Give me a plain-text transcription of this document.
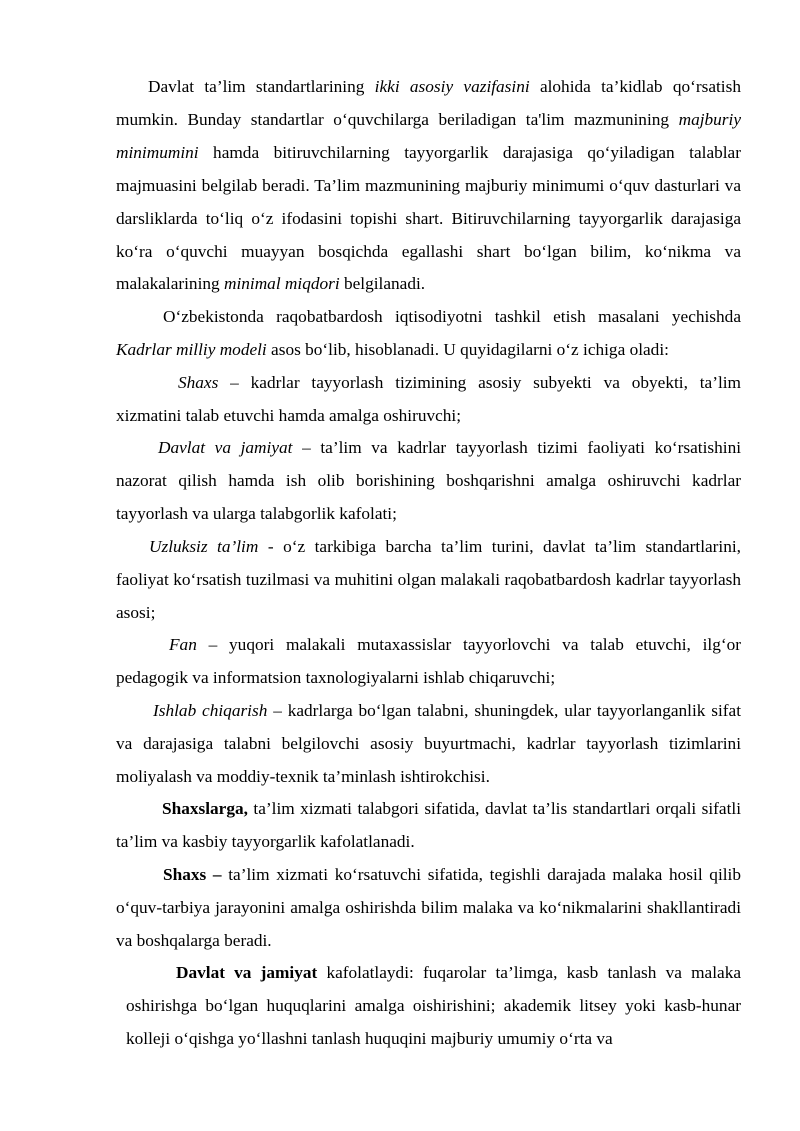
Davlat ta’lim standartlarining ikki asosiy vazifasini alohida ta’kidlab qo‘rsatish mumkin. Bunday standartlar o‘quvchilarga beriladigan ta'lim mazmunining majburiy minimumini hamda bitiruvchilarning tayyorgarlik darajasiga qo‘yiladigan talablar majmuasini belgilab beradi. Ta’lim mazmunining majburiy minimumi o‘quv dasturlari va darsliklarda to‘liq o‘z ifodasini topishi shart. Bitiruvchilarning tayyorgarlik darajasiga ko‘ra o‘quvchi muayyan bosqichda egallashi shart bo‘lgan bilim, ko‘nikma va malakalarining minimal miqdori belgilanadi.

O‘zbekistonda raqobatbardosh iqtisodiyotni tashkil etish masalani yechishda Kadrlar milliy modeli asos bo‘lib, hisoblanadi. U quyidagilarni o‘z ichiga oladi:

Shaxs – kadrlar tayyorlash tizimining asosiy subyekti va obyekti, ta’lim xizmatini talab etuvchi hamda amalga oshiruvchi;

Davlat va jamiyat – ta’lim va kadrlar tayyorlash tizimi faoliyati ko‘rsatishini nazorat qilish hamda ish olib borishining boshqarishni amalga oshiruvchi kadrlar tayyorlash va ularga talabgorlik kafolati;

Uzluksiz ta’lim - o‘z tarkibiga barcha ta’lim turini, davlat ta’lim standartlarini, faoliyat ko‘rsatish tuzilmasi va muhitini olgan malakali raqobatbardosh kadrlar tayyorlash asosi;

Fan – yuqori malakali mutaxassislar tayyorlovchi va talab etuvchi, ilg‘or pedagogik va informatsion taxnologiyalarni ishlab chiqaruvchi;

Ishlab chiqarish – kadrlarga bo‘lgan talabni, shuningdek, ular tayyorlanganlik sifat va darajasiga talabni belgilovchi asosiy buyurtmachi, kadrlar tayyorlash tizimlarini moliyalash va moddiy-texnik ta’minlash ishtirokchisi.

Shaxslarga, ta’lim xizmati talabgori sifatida, davlat ta’lis standartlari orqali sifatli ta’lim va kasbiy tayyorgarlik kafolatlanadi.

Shaxs – ta’lim xizmati ko‘rsatuvchi sifatida, tegishli darajada malaka hosil qilib o‘quv-tarbiya jarayonini amalga oshirishda bilim malaka va ko‘nikmalarini shakllantiradi va boshqalarga beradi.

Davlat va jamiyat kafolatlaydi: fuqarolar ta’limga, kasb tanlash va malaka oshirishga bo‘lgan huquqlarini amalga oishirishini; akademik litsey yoki kasb-hunar kolleji o‘qishga yo‘llashni tanlash huquqini majburiy umumiy o‘rta va
